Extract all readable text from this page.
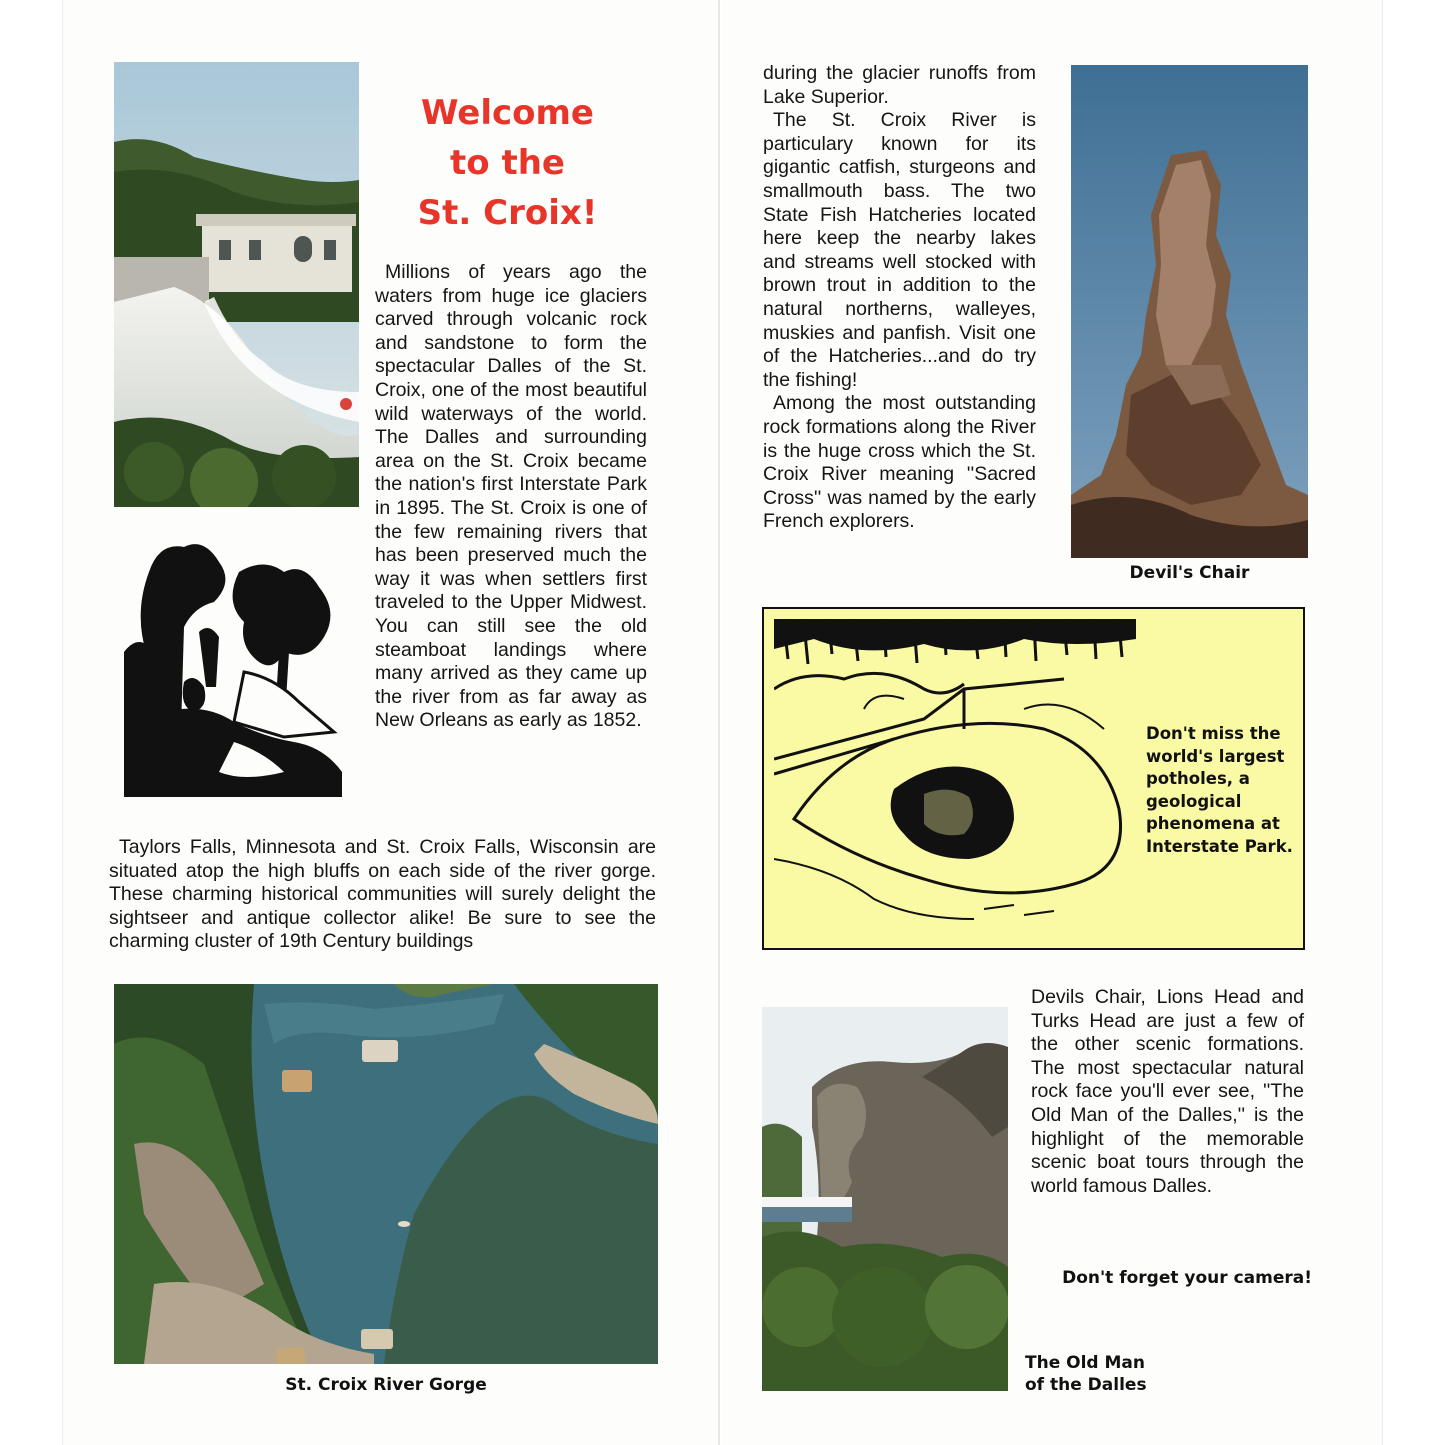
Welcome
to the
St. Croix!

Millions of years ago the waters from huge ice glaciers carved through volcanic rock and sandstone to form the spectacular Dalles of the St. Croix, one of the most beautiful wild waterways of the world. The Dalles and surrounding area on the St. Croix became the nation's first Interstate Park in 1895. The St. Croix is one of the few remaining rivers that has been preserved much the way it was when settlers first traveled to the Upper Midwest. You can still see the old steamboat landings where many arrived as they came up the river from as far away as New Orleans as early as 1852.

Taylors Falls, Minnesota and St. Croix Falls, Wisconsin are situated atop the high bluffs on each side of the river gorge. These charming historical communities will surely delight the sightseer and antique collector alike! Be sure to see the charming cluster of 19th Century buildings

St. Croix River Gorge

during the glacier runoffs from Lake Superior.

The St. Croix River is particulary known for its gigantic catfish, sturgeons and smallmouth bass. The two State Fish Hatcheries located here keep the nearby lakes and streams well stocked with brown trout in addition to the natural northerns, walleyes, muskies and panfish. Visit one of the Hatcheries...and do try the fishing!

Among the most outstanding rock formations along the River is the huge cross which the St. Croix River meaning ''Sacred Cross'' was named by the early French explorers.

Devil's Chair
Don't miss the world's largest potholes, a geological phenomena at Interstate Park.

Devils Chair, Lions Head and Turks Head are just a few of the other scenic formations. The most spectacular natural rock face you'll ever see, ''The Old Man of the Dalles,'' is the highlight of the memorable scenic boat tours through the world famous Dalles.

Don't forget your camera!
The Old Man
of the Dalles
